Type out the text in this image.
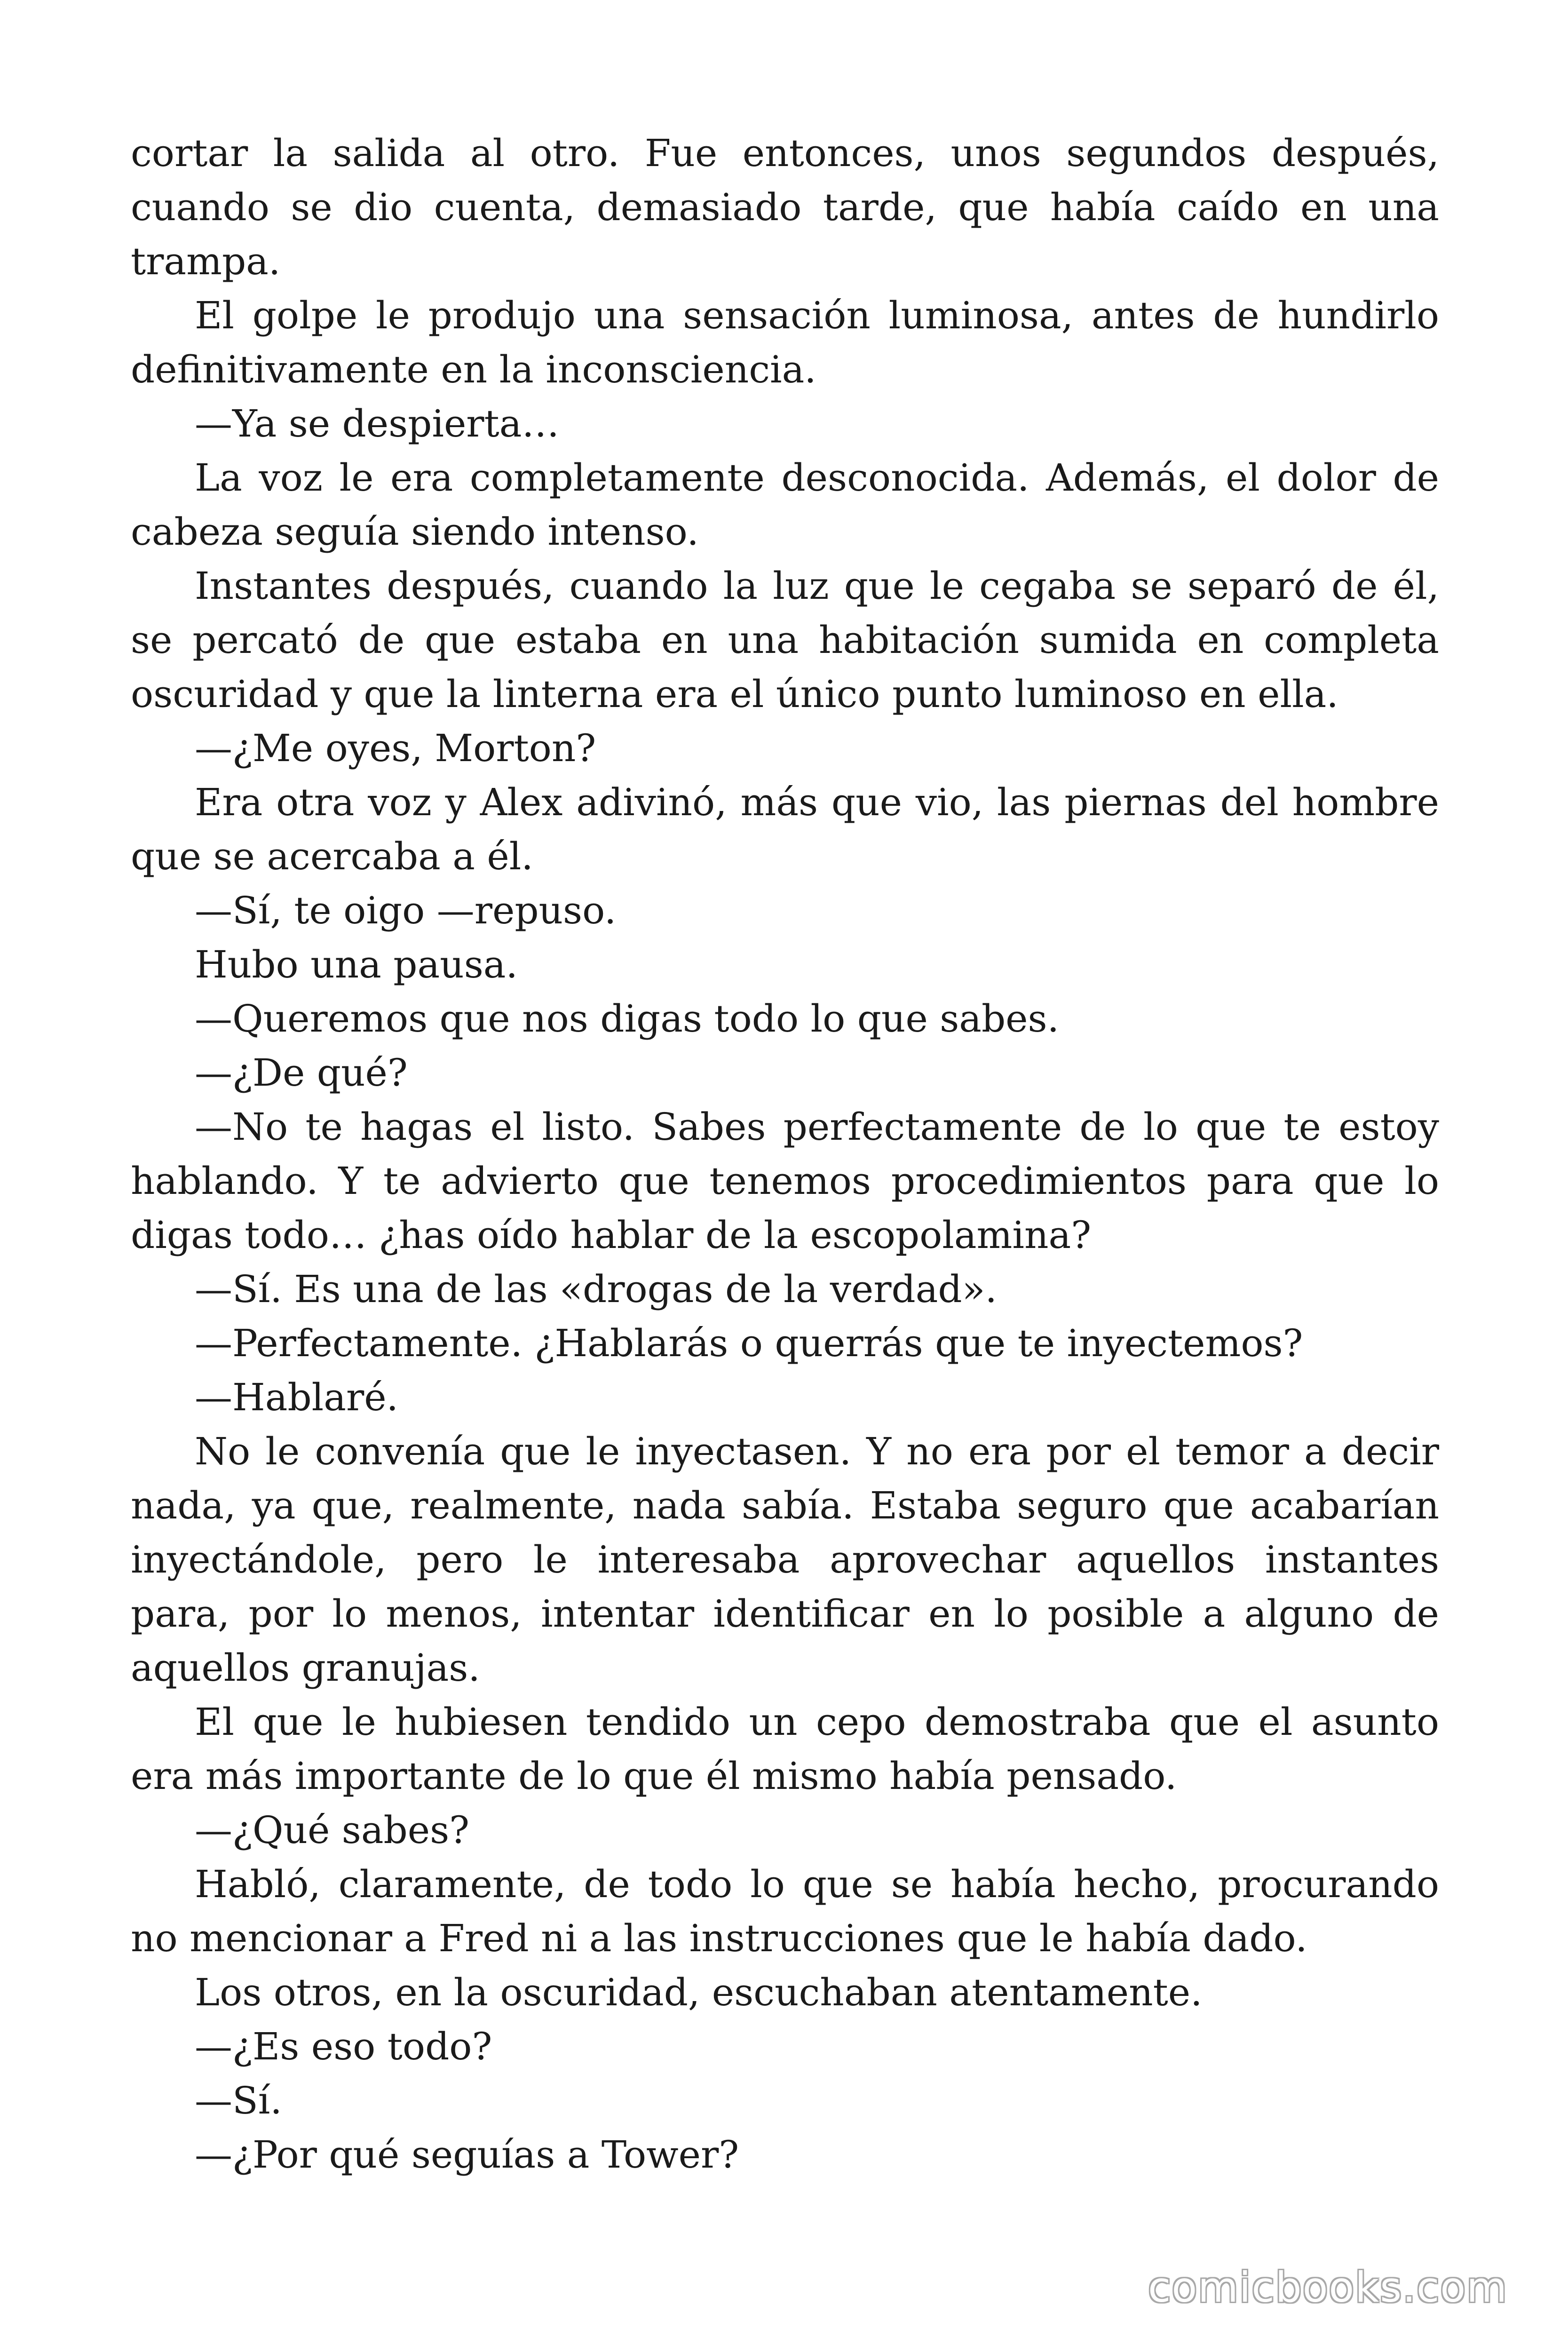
cortar la salida al otro. Fue entonces, unos segundos después, cuando se dio cuenta, demasiado tarde, que había caído en una trampa.

El golpe le produjo una sensación luminosa, antes de hundirlo definitivamente en la inconsciencia.

—Ya se despierta…

La voz le era completamente desconocida. Además, el dolor de cabeza seguía siendo intenso.

Instantes después, cuando la luz que le cegaba se separó de él, se percató de que estaba en una habitación sumida en completa oscuridad y que la linterna era el único punto luminoso en ella.

—¿Me oyes, Morton?

Era otra voz y Alex adivinó, más que vio, las piernas del hombre que se acercaba a él.

—Sí, te oigo —repuso.

Hubo una pausa.

—Queremos que nos digas todo lo que sabes.

—¿De qué?

—No te hagas el listo. Sabes perfectamente de lo que te estoy hablando. Y te advierto que tenemos procedimientos para que lo digas todo… ¿has oído hablar de la escopolamina?

—Sí. Es una de las «drogas de la verdad».

—Perfectamente. ¿Hablarás o querrás que te inyectemos?

—Hablaré.

No le convenía que le inyectasen. Y no era por el temor a decir nada, ya que, realmente, nada sabía. Estaba seguro que acabarían inyectándole, pero le interesaba aprovechar aquellos instantes para, por lo menos, intentar identificar en lo posible a alguno de aquellos granujas.

El que le hubiesen tendido un cepo demostraba que el asunto era más importante de lo que él mismo había pensado.

—¿Qué sabes?

Habló, claramente, de todo lo que se había hecho, procurando no mencionar a Fred ni a las instrucciones que le había dado.

Los otros, en la oscuridad, escuchaban atentamente.

—¿Es eso todo?

—Sí.

—¿Por qué seguías a Tower?

comicbooks.com
